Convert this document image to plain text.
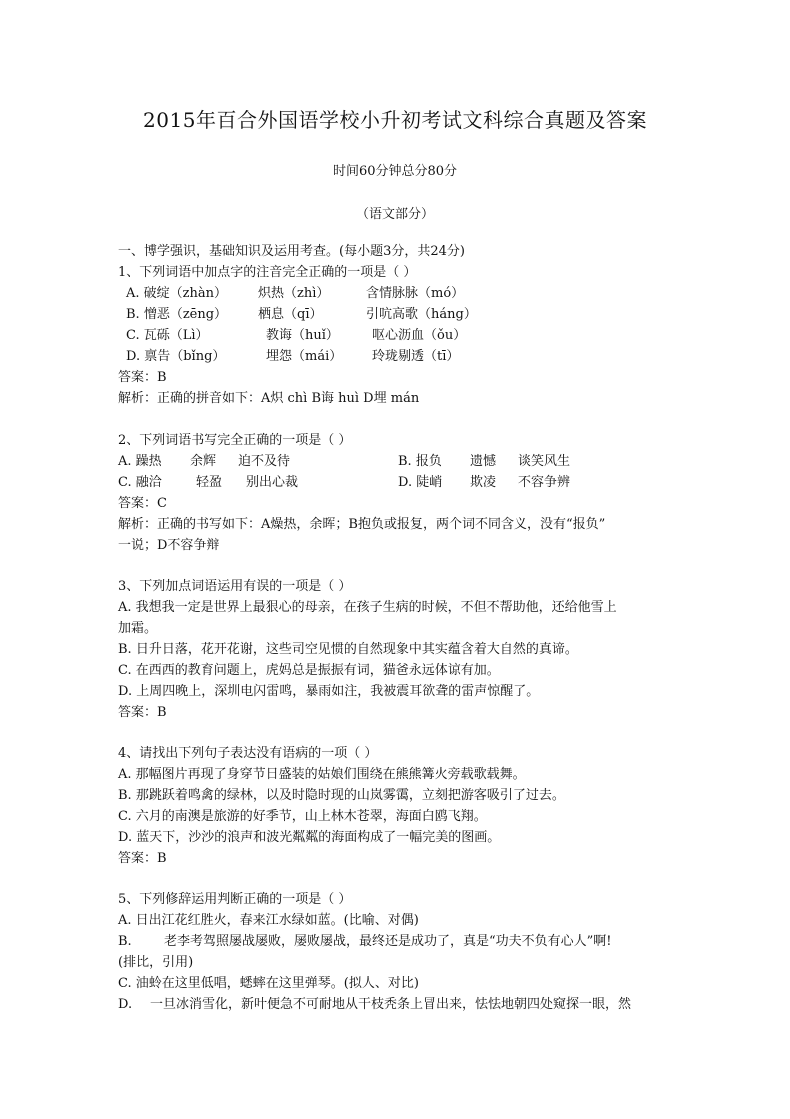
2015年百合外国语学校小升初考试文科综合真题及答案
时间60分钟总分80分
（语文部分）
一、博学强识，基础知识及运用考查。(每小题3分，共24分)
1、下列词语中加点字的注音完全正确的一项是（ ）
A. 破绽（zhàn） 炽热（zhì）	含情脉脉（mó）
B. 憎恶（zēng） 栖息（qī）	引吭高歌（háng）
C. 瓦砾（Lì）	教诲（huǐ）	呕心沥血（ǒu）
D. 禀告（bǐng）	埋怨（mái） 玲珑剔透（tī）
答案：B
解析：正确的拼音如下：A炽 chì B诲 huì D埋 mán
2、下列词语书写完全正确的一项是（ ）
A. 躁热 余辉 迫不及待	B. 报负 遗憾 谈笑风生
C. 融洽	轻盈 别出心裁	D. 陡峭 欺凌 不容争辨
答案：C
解析：正确的书写如下：A燥热，余晖；B抱负或报复，两个词不同含义，没有“报负”
一说；D不容争辩
3、下列加点词语运用有误的一项是（ ）
A. 我想我一定是世界上最狠心的母亲，在孩子生病的时候，不但不帮助他，还给他雪上
加霜。
B. 日升日落，花开花谢，这些司空见惯的自然现象中其实蕴含着大自然的真谛。
C. 在西西的教育问题上，虎妈总是振振有词，猫爸永远体谅有加。
D. 上周四晚上，深圳电闪雷鸣，暴雨如注，我被震耳欲聋的雷声惊醒了。
答案：B
4、请找出下列句子表达没有语病的一项（ ）
A. 那幅图片再现了身穿节日盛装的姑娘们围绕在熊熊篝火旁载歌载舞。
B. 那跳跃着鸣禽的绿林，以及时隐时现的山岚雾霭，立刻把游客吸引了过去。
C. 六月的南澳是旅游的好季节，山上林木苍翠，海面白鸥飞翔。
D. 蓝天下，沙沙的浪声和波光粼粼的海面构成了一幅完美的图画。
答案：B
5、下列修辞运用判断正确的一项是（ ）
A. 日出江花红胜火，春来江水绿如蓝。(比喻、对偶)
B. 老李考驾照屡战屡败，屡败屡战，最终还是成功了，真是“功夫不负有心人”啊!
(排比，引用)
C. 油蛉在这里低唱，蟋蟀在这里弹琴。(拟人、对比)
D. 一旦冰消雪化，新叶便急不可耐地从干枝秃条上冒出来，怯怯地朝四处窥探一眼，然
